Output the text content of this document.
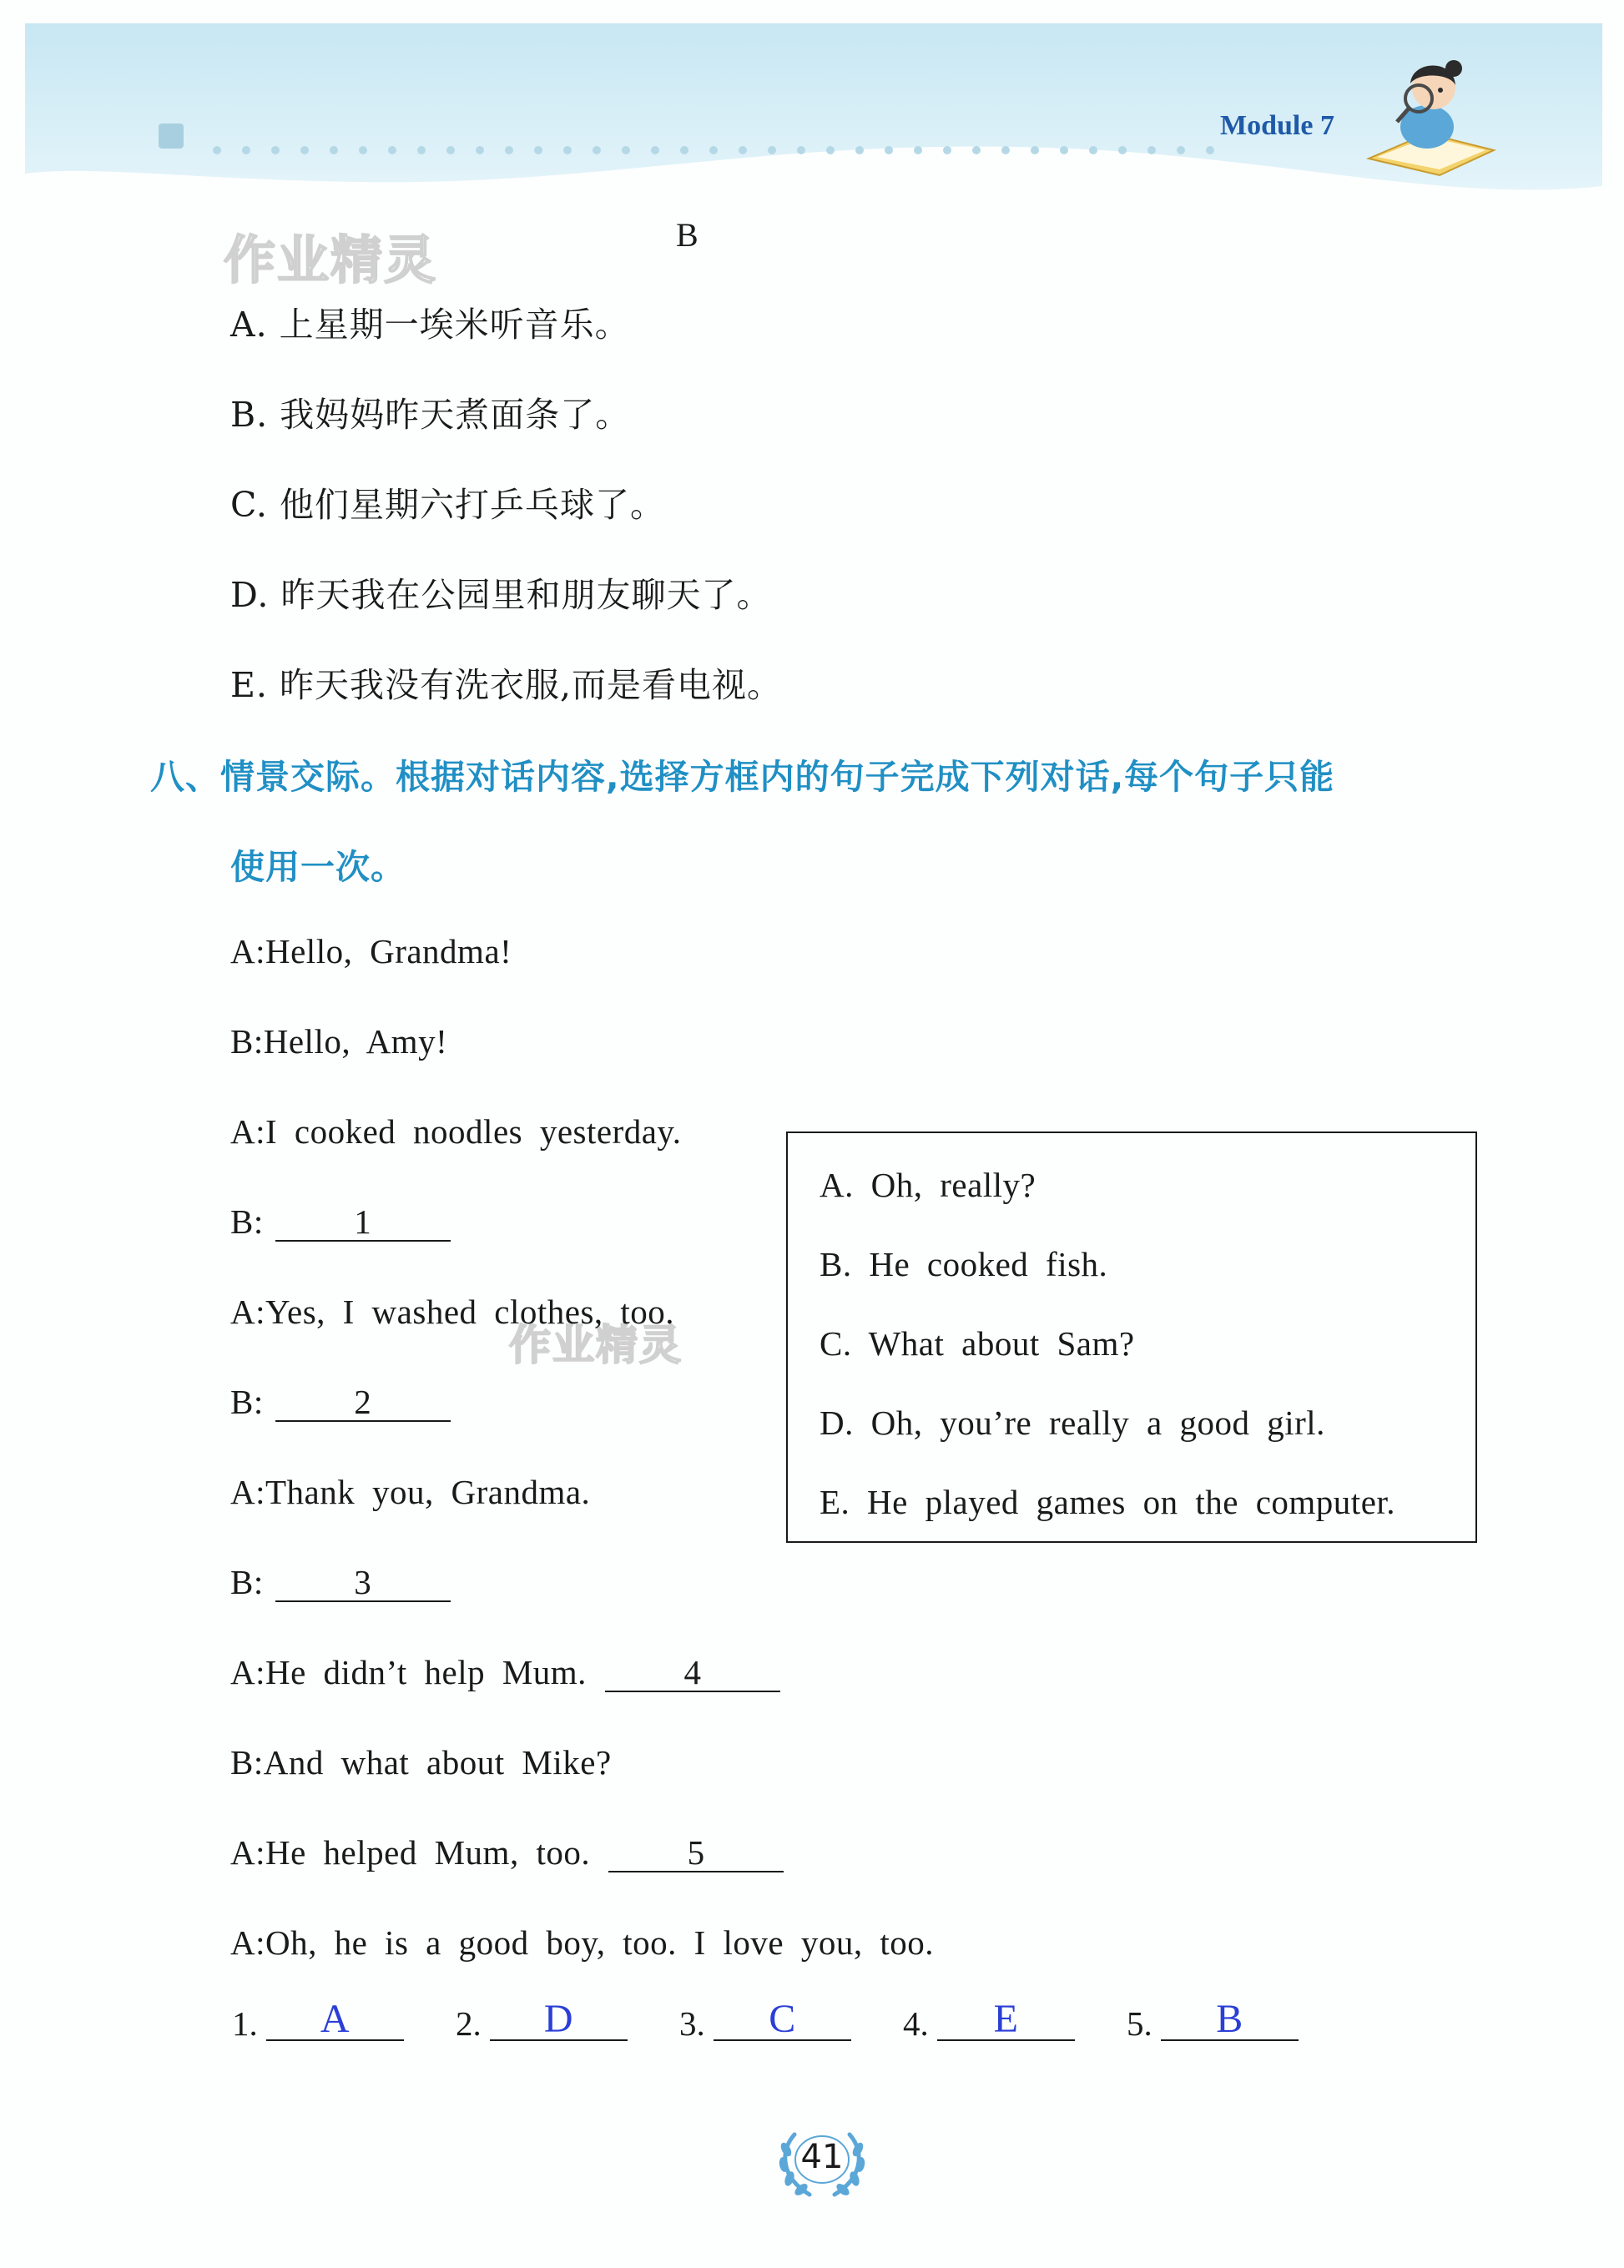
Module 7
作业精灵
作业精灵
B
A. 上星期一埃米听音乐。
B. 我妈妈昨天煮面条了。
C. 他们星期六打乒乓球了。
D. 昨天我在公园里和朋友聊天了。
E. 昨天我没有洗衣服,而是看电视。
八、情景交际。根据对话内容,选择方框内的句子完成下列对话,每个句子只能
使用一次。
A:Hello, Grandma!
B:Hello, Amy!
A:I cooked noodles yesterday.
B:	1
A:Yes, I washed clothes, too.
B:	2
A:Thank you, Grandma.
B:	3
A:He didn’t help Mum.	4
B:And what about Mike?
A:He helped Mum, too.	5
A:Oh, he is a good boy, too. I love you, too.
A. Oh, really?
B. He cooked fish.
C. What about Sam?
D. Oh, you’re really a good girl.
E. He played games on the computer.
1. A	2. D	3. C	4. E	5. B
41
